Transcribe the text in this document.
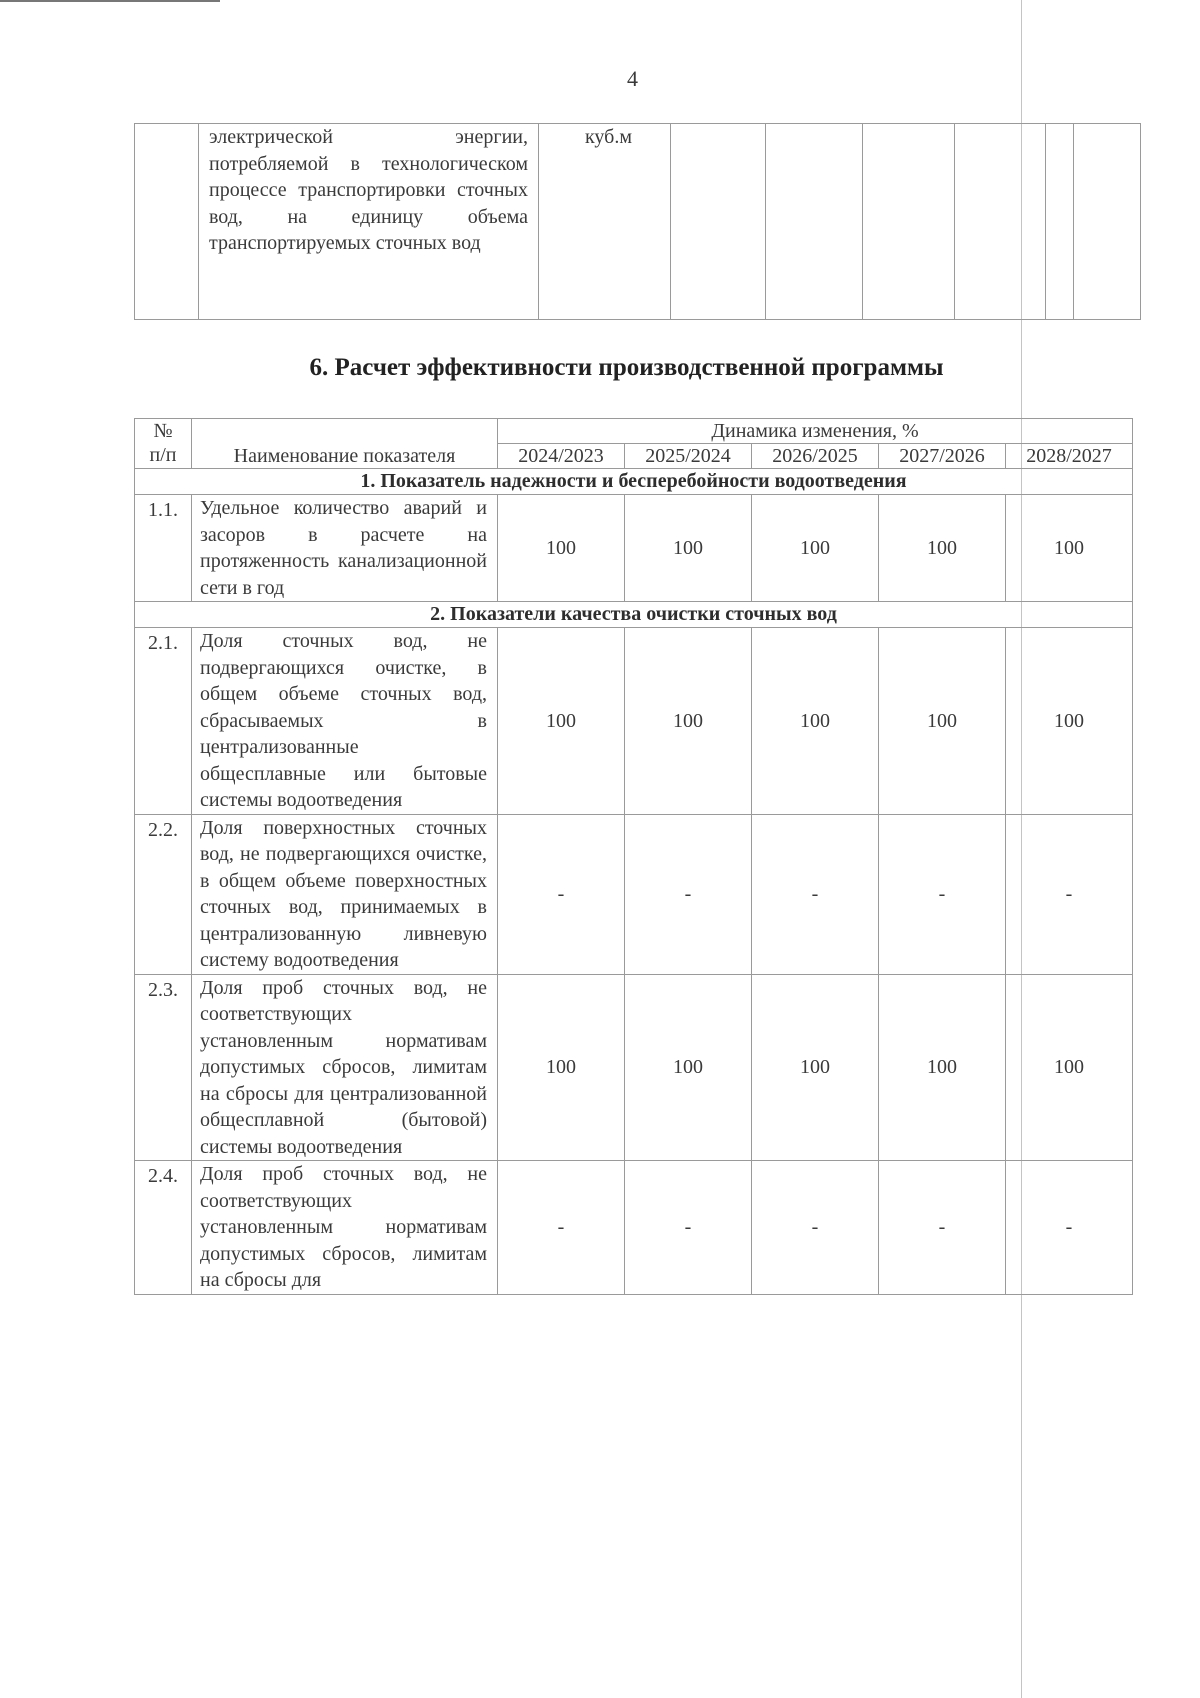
4
	электрической энергии, потребляемой в технологическом процессе транспортировки сточных вод, на единицу объема транспортируемых сточных вод	куб.м						
6. Расчет эффективности производственной программы
№
п/п	Наименование показателя	Динамика изменения, %				
		2024/2023	2025/2024	2026/2025	2027/2026	2028/2027
1. Показатель надежности и бесперебойности водоотведения						
1.1.	Удельное количество аварий и засоров в расчете на протяженность канализационной сети в год	100	100	100	100	100
2. Показатели качества очистки сточных вод						
2.1.	Доля сточных вод, не подвергающихся очистке, в общем объеме сточных вод, сбрасываемых в централизованные общесплавные или бытовые системы водоотведения	100	100	100	100	100
2.2.	Доля поверхностных сточных вод, не подвергающихся очистке, в общем объеме поверхностных сточных вод, принимаемых в централизованную ливневую систему водоотведения	-	-	-	-	-
2.3.	Доля проб сточных вод, не соответствующих установленным нормативам допустимых сбросов, лимитам на сбросы для централизованной общесплавной (бытовой) системы водоотведения	100	100	100	100	100
2.4.	Доля проб сточных вод, не соответствующих установленным нормативам допустимых сбросов, лимитам на сбросы для	-	-	-	-	-
